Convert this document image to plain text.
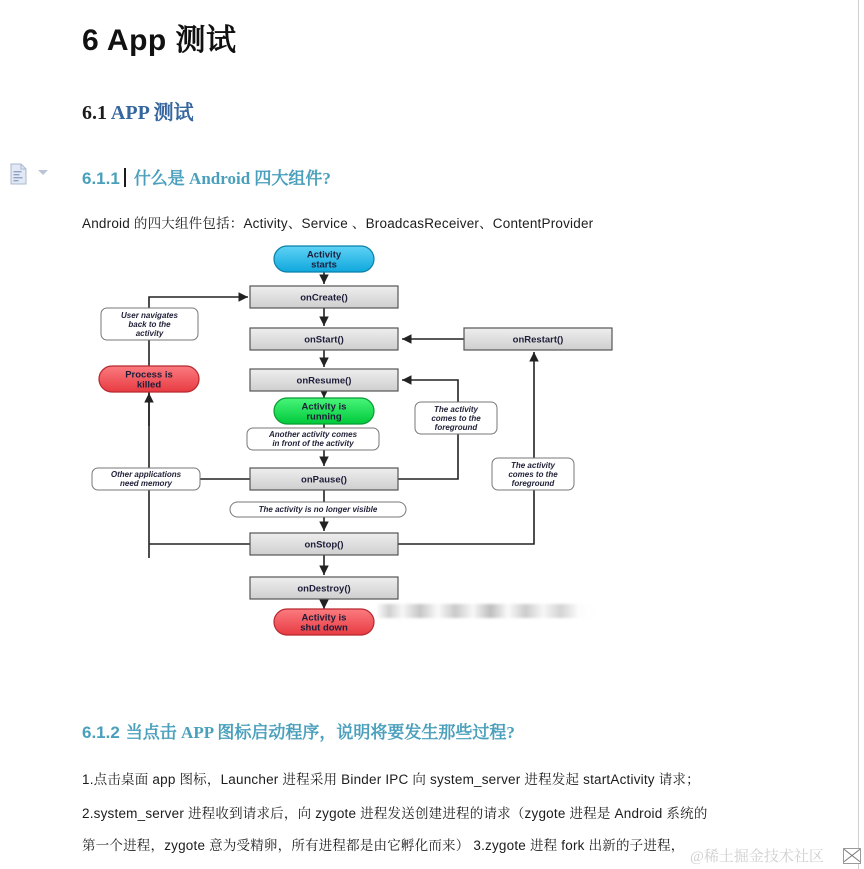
6 App 测试
6.1 APP 测试
6.1.1 什么是 Android 四大组件?
Android 的四大组件包括：Activity、Service 、BroadcasReceiver、ContentProvider
onCreate()
onStart()	onRestart()
onResume()
onPause()
onStop()
onDestroy()
Activity
starts
Activity is
running
Activity is
shut down
Process is
killed
User navigates
back to the
activity
Another activity comes
in front of the activity
The activity
comes to the
foreground
The activity
comes to the
foreground
Other applications
need memory
The activity is no longer visible
6.1.2 当点击 APP 图标启动程序，说明将要发生那些过程?
1.点击桌面 app 图标，Launcher 进程采用 Binder IPC 向 system_server 进程发起 startActivity 请求；
2.system_server 进程收到请求后，向 zygote 进程发送创建进程的请求（zygote 进程是 Android 系统的
第一个进程，zygote 意为受精卵，所有进程都是由它孵化而来） 3.zygote 进程 fork 出新的子进程，
@稀土掘金技术社区
